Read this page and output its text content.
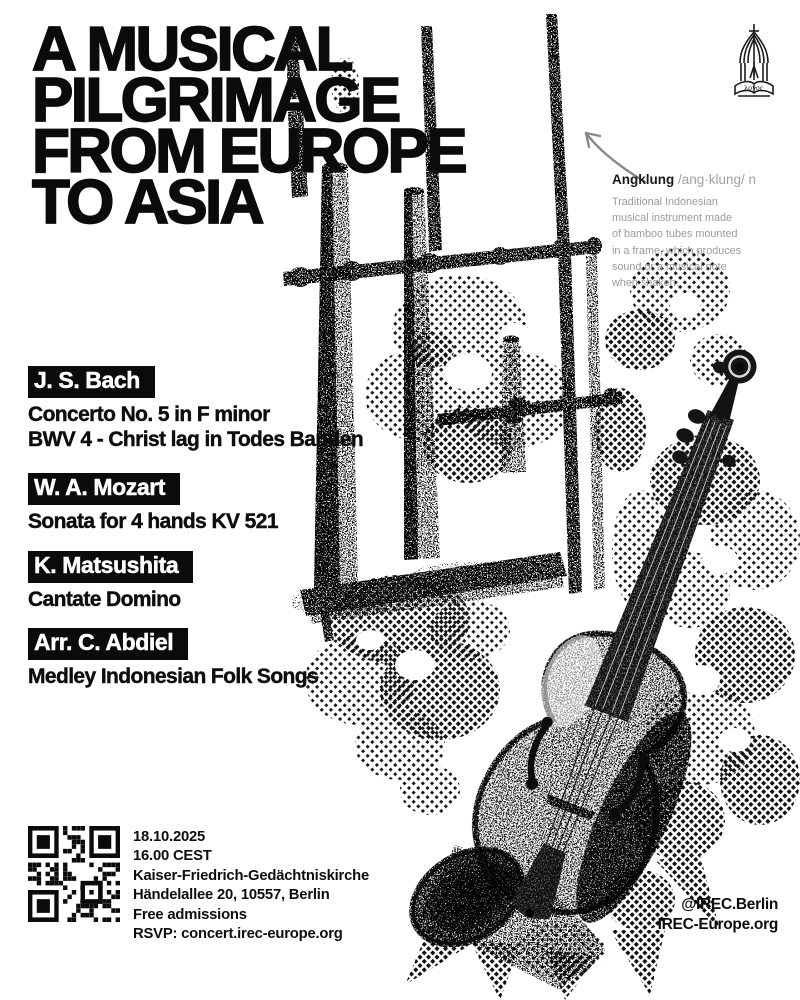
A MUSICAL
PILGRIMAGE
FROM EUROPE
TO ASIA
λογος
Angklung /ang·klung/ n
Traditional Indonesian
musical instrument made
of bamboo tubes mounted
in a frame, which produces
sound or a musical note
when shaken.
J. S. Bach
Concerto No. 5 in F minor
BWV 4 - Christ lag in Todes Banden
W. A. Mozart
Sonata for 4 hands KV 521
K. Matsushita
Cantate Domino
Arr. C. Abdiel
Medley Indonesian Folk Songs
18.10.2025
16.00 CEST
Kaiser-Friedrich-Gedächtniskirche
Händelallee 20, 10557, Berlin
Free admissions
RSVP: concert.irec-europe.org
@IREC.Berlin
IREC-Europe.org
